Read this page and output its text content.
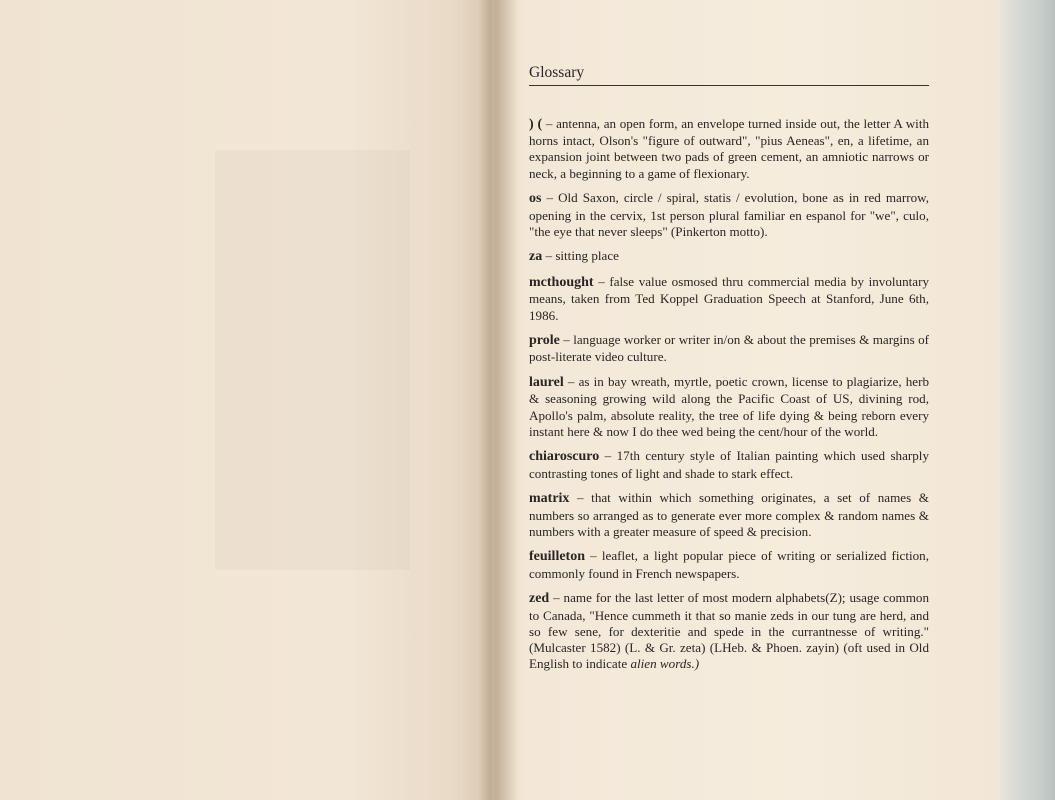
Glossary

) ( – antenna, an open form, an envelope turned inside out, the letter A with horns intact, Olson's "figure of outward", "pius Aeneas", en, a lifetime, an expansion joint between two pads of green cement, an amniotic narrows or neck, a beginning to a game of flexionary.

os – Old Saxon, circle / spiral, statis / evolution, bone as in red marrow, opening in the cervix, 1st person plural familiar en espanol for "we", culo, "the eye that never sleeps" (Pinkerton motto).

za – sitting place

mcthought – false value osmosed thru commercial media by involuntary means, taken from Ted Koppel Graduation Speech at Stanford, June 6th, 1986.

prole – language worker or writer in/on & about the premises & margins of post-literate video culture.

laurel – as in bay wreath, myrtle, poetic crown, license to plagiarize, herb & seasoning growing wild along the Pacific Coast of US, divining rod, Apollo's palm, absolute reality, the tree of life dying & being reborn every instant here & now I do thee wed being the cent/hour of the world.

chiaroscuro – 17th century style of Italian painting which used sharply contrasting tones of light and shade to stark effect.

matrix – that within which something originates, a set of names & numbers so arranged as to generate ever more complex & random names & numbers with a greater measure of speed & precision.

feuilleton – leaflet, a light popular piece of writing or serialized fiction, commonly found in French newspapers.

zed – name for the last letter of most modern alphabets(Z); usage common to Canada, "Hence cummeth it that so manie zeds in our tung are herd, and so few sene, for dexteritie and spede in the currantnesse of writing." (Mulcaster 1582) (L. & Gr. zeta) (LHeb. & Phoen. zayin) (oft used in Old English to indicate alien words.)
